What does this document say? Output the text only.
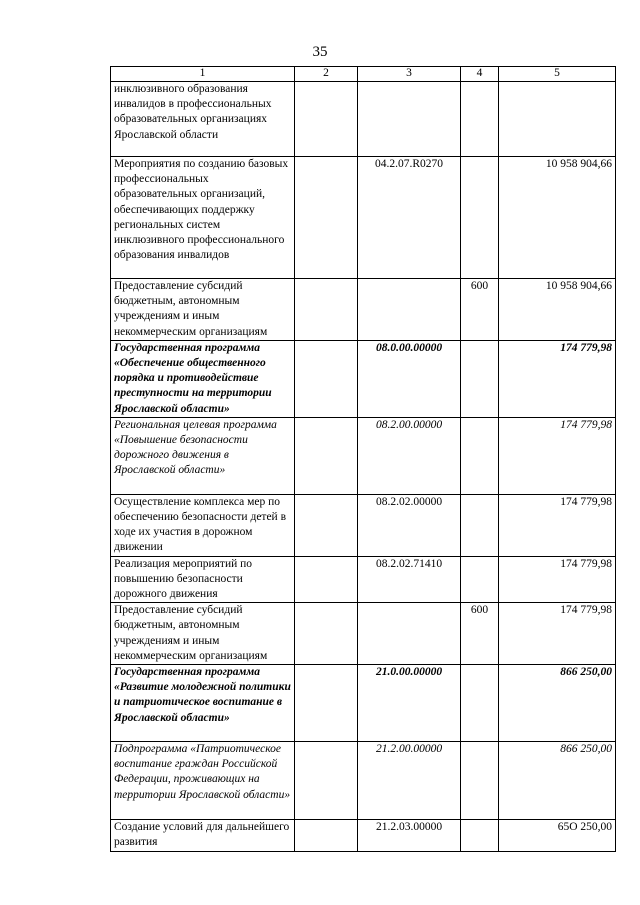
35
1	2	3	4	5
инклюзивного образования инвалидов в профессиональных образовательных организациях Ярославской области				
Мероприятия по созданию базовых профессиональных образовательных организаций, обеспечивающих поддержку региональных систем инклюзивного профессионального образования инвалидов		04.2.07.R0270		10 958 904,66
Предоставление субсидий бюджетным, автономным учреждениям и иным некоммерческим организациям			600	10 958 904,66
Государственная программа «Обеспечение общественного порядка и противодействие преступности на территории Ярославской области»		08.0.00.00000		174 779,98
Региональная целевая программа «Повышение безопасности дорожного движения в Ярославской области»		08.2.00.00000		174 779,98
Осуществление комплекса мер по обеспечению безопасности детей в ходе их участия в дорожном движении		08.2.02.00000		174 779,98
Реализация мероприятий по повышению безопасности дорожного движения		08.2.02.71410		174 779,98
Предоставление субсидий бюджетным, автономным учреждениям и иным некоммерческим организациям			600	174 779,98
Государственная программа «Развитие молодежной политики и патриотическое воспитание в Ярославской области»		21.0.00.00000		866 250,00
Подпрограмма «Патриотическое воспитание граждан Российской Федерации, проживающих на территории Ярославской области»		21.2.00.00000		866 250,00
Создание условий для дальнейшего развития		21.2.03.00000		65O 250,00
